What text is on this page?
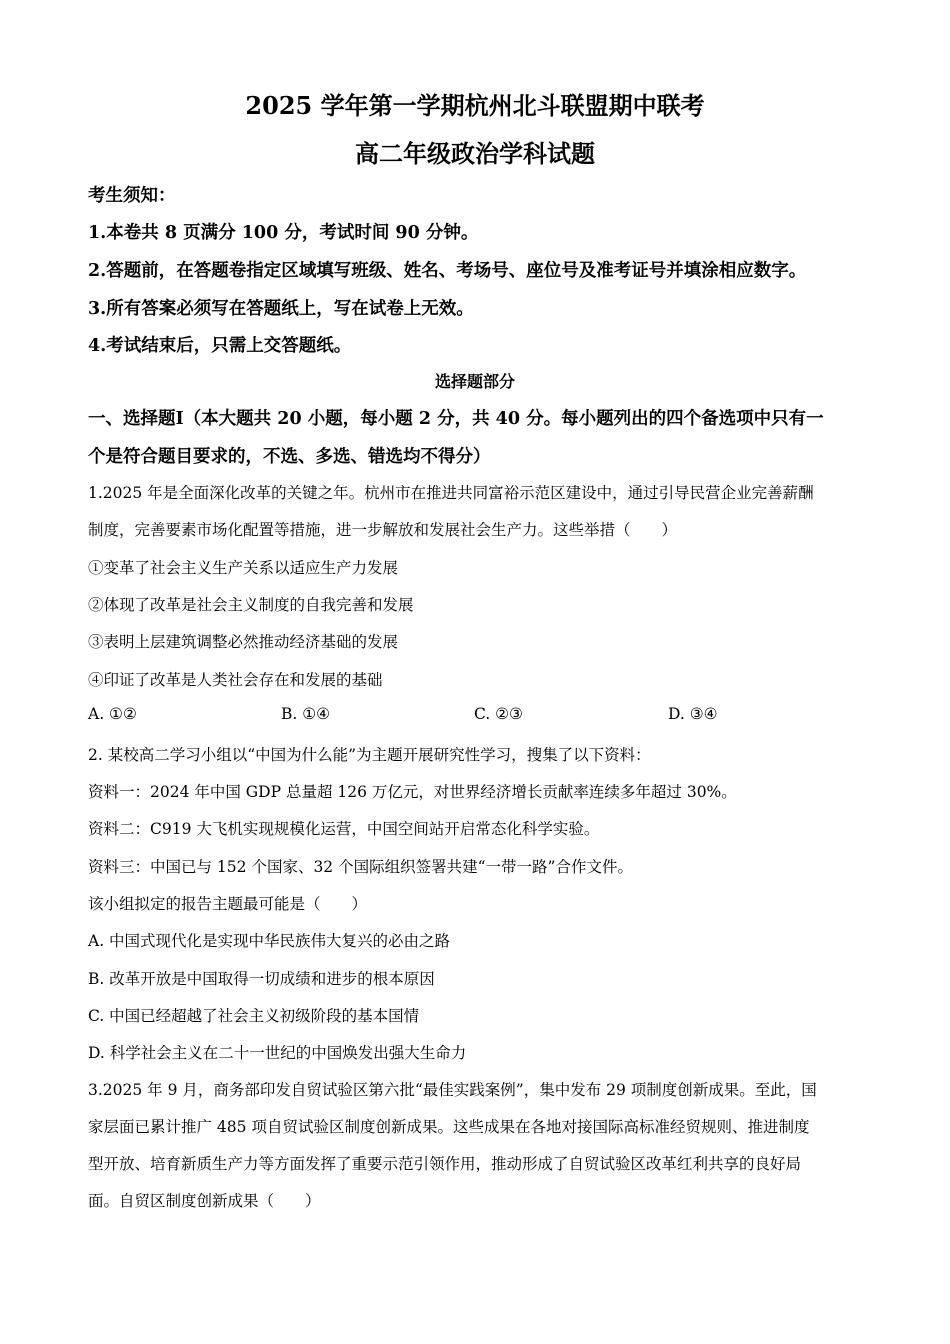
2025 学年第一学期杭州北斗联盟期中联考
高二年级政治学科试题
考生须知：
1.本卷共 8 页满分 100 分，考试时间 90 分钟。
2.答题前，在答题卷指定区域填写班级、姓名、考场号、座位号及准考证号并填涂相应数字。
3.所有答案必须写在答题纸上，写在试卷上无效。
4.考试结束后，只需上交答题纸。
选择题部分
一、选择题Ⅰ（本大题共 20 小题，每小题 2 分，共 40 分。每小题列出的四个备选项中只有一
个是符合题目要求的，不选、多选、错选均不得分）
1.2025 年是全面深化改革的关键之年。杭州市在推进共同富裕示范区建设中，通过引导民营企业完善薪酬
制度，完善要素市场化配置等措施，进一步解放和发展社会生产力。这些举措（　　）
①变革了社会主义生产关系以适应生产力发展
②体现了改革是社会主义制度的自我完善和发展
③表明上层建筑调整必然推动经济基础的发展
④印证了改革是人类社会存在和发展的基础
A. ①②	B. ①④	C. ②③	D. ③④
2. 某校高二学习小组以“中国为什么能”为主题开展研究性学习，搜集了以下资料：
资料一：2024 年中国 GDP 总量超 126 万亿元，对世界经济增长贡献率连续多年超过 30%。
资料二：C919 大飞机实现规模化运营，中国空间站开启常态化科学实验。
资料三：中国已与 152 个国家、32 个国际组织签署共建“一带一路”合作文件。
该小组拟定的报告主题最可能是（　　）
A. 中国式现代化是实现中华民族伟大复兴的必由之路
B. 改革开放是中国取得一切成绩和进步的根本原因
C. 中国已经超越了社会主义初级阶段的基本国情
D. 科学社会主义在二十一世纪的中国焕发出强大生命力
3.2025 年 9 月，商务部印发自贸试验区第六批“最佳实践案例”，集中发布 29 项制度创新成果。至此，国
家层面已累计推广 485 项自贸试验区制度创新成果。这些成果在各地对接国际高标准经贸规则、推进制度
型开放、培育新质生产力等方面发挥了重要示范引领作用，推动形成了自贸试验区改革红利共享的良好局
面。自贸区制度创新成果（　　）
